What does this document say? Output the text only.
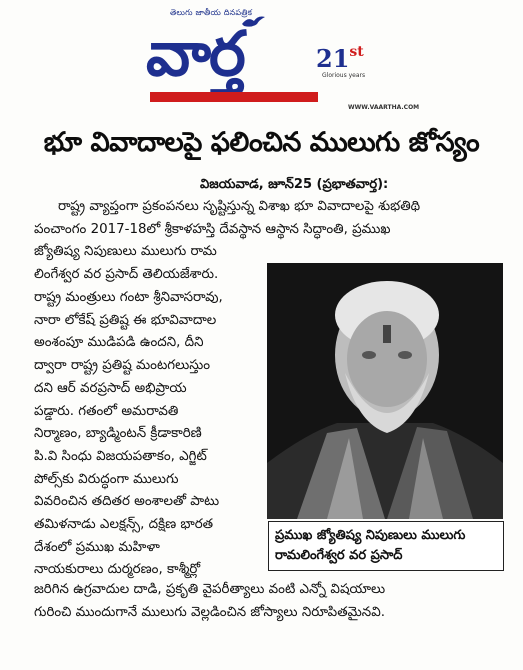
తెలుగు జాతీయ దినపత్రిక
వార్త	21st
Glorious years
WWW.VAARTHA.COM
భూ వివాదాలపై ఫలించిన ములుగు జోస్యం
విజయవాడ, జూన్25 (ప్రభాతవార్త):
రాష్ట్ర వ్యాప్తంగా ప్రకంపనలు సృష్టిస్తున్న విశాఖ భూ వివాదాలపై శుభతిథి
పంచాంగం 2017-18లో శ్రీకాళహస్తి దేవస్థాన ఆస్థాన సిద్ధాంతి, ప్రముఖ
జ్యోతిష్య నిపుణులు ములుగు రామ
లింగేశ్వర వర ప్రసాద్ తెలియజేశారు.
రాష్ట్ర మంత్రులు గంటా శ్రీనివాసరావు,
నారా లోకేష్ ప్రతిష్ట ఈ భూవివాదాల
అంశంపూ ముడిపడి ఉందని, దీని
ద్వారా రాష్ట్ర ప్రతిష్ట మంటగలుస్తుం
దని ఆర్ వరప్రసాద్ అభిప్రాయ
పడ్డారు. గతంలో అమరావతి
నిర్మాణం, బ్యాడ్మింటన్ క్రీడాకారిణి
పి.వి సింధు విజయపతాకం, ఎగ్జిట్
పోల్స్‌కు విరుద్ధంగా ములుగు
వివరించిన తదితర అంశాలతో పాటు
తమిళనాడు ఎలక్షన్స్, దక్షిణ భారత
దేశంలో ప్రముఖ మహిళా
నాయకురాలు దుర్మరణం, కాశ్మీర్లో
ప్రముఖ జ్యోతిష్య నిపుణులు ములుగు రామలింగేశ్వర వర ప్రసాద్
జరిగిన ఉగ్రవాదుల దాడి, ప్రకృతి వైపరీత్యాలు వంటి ఎన్నో విషయాలు
గురించి ముందుగానే ములుగు వెల్లడించిన జోస్యాలు నిరూపితమైనవి.
